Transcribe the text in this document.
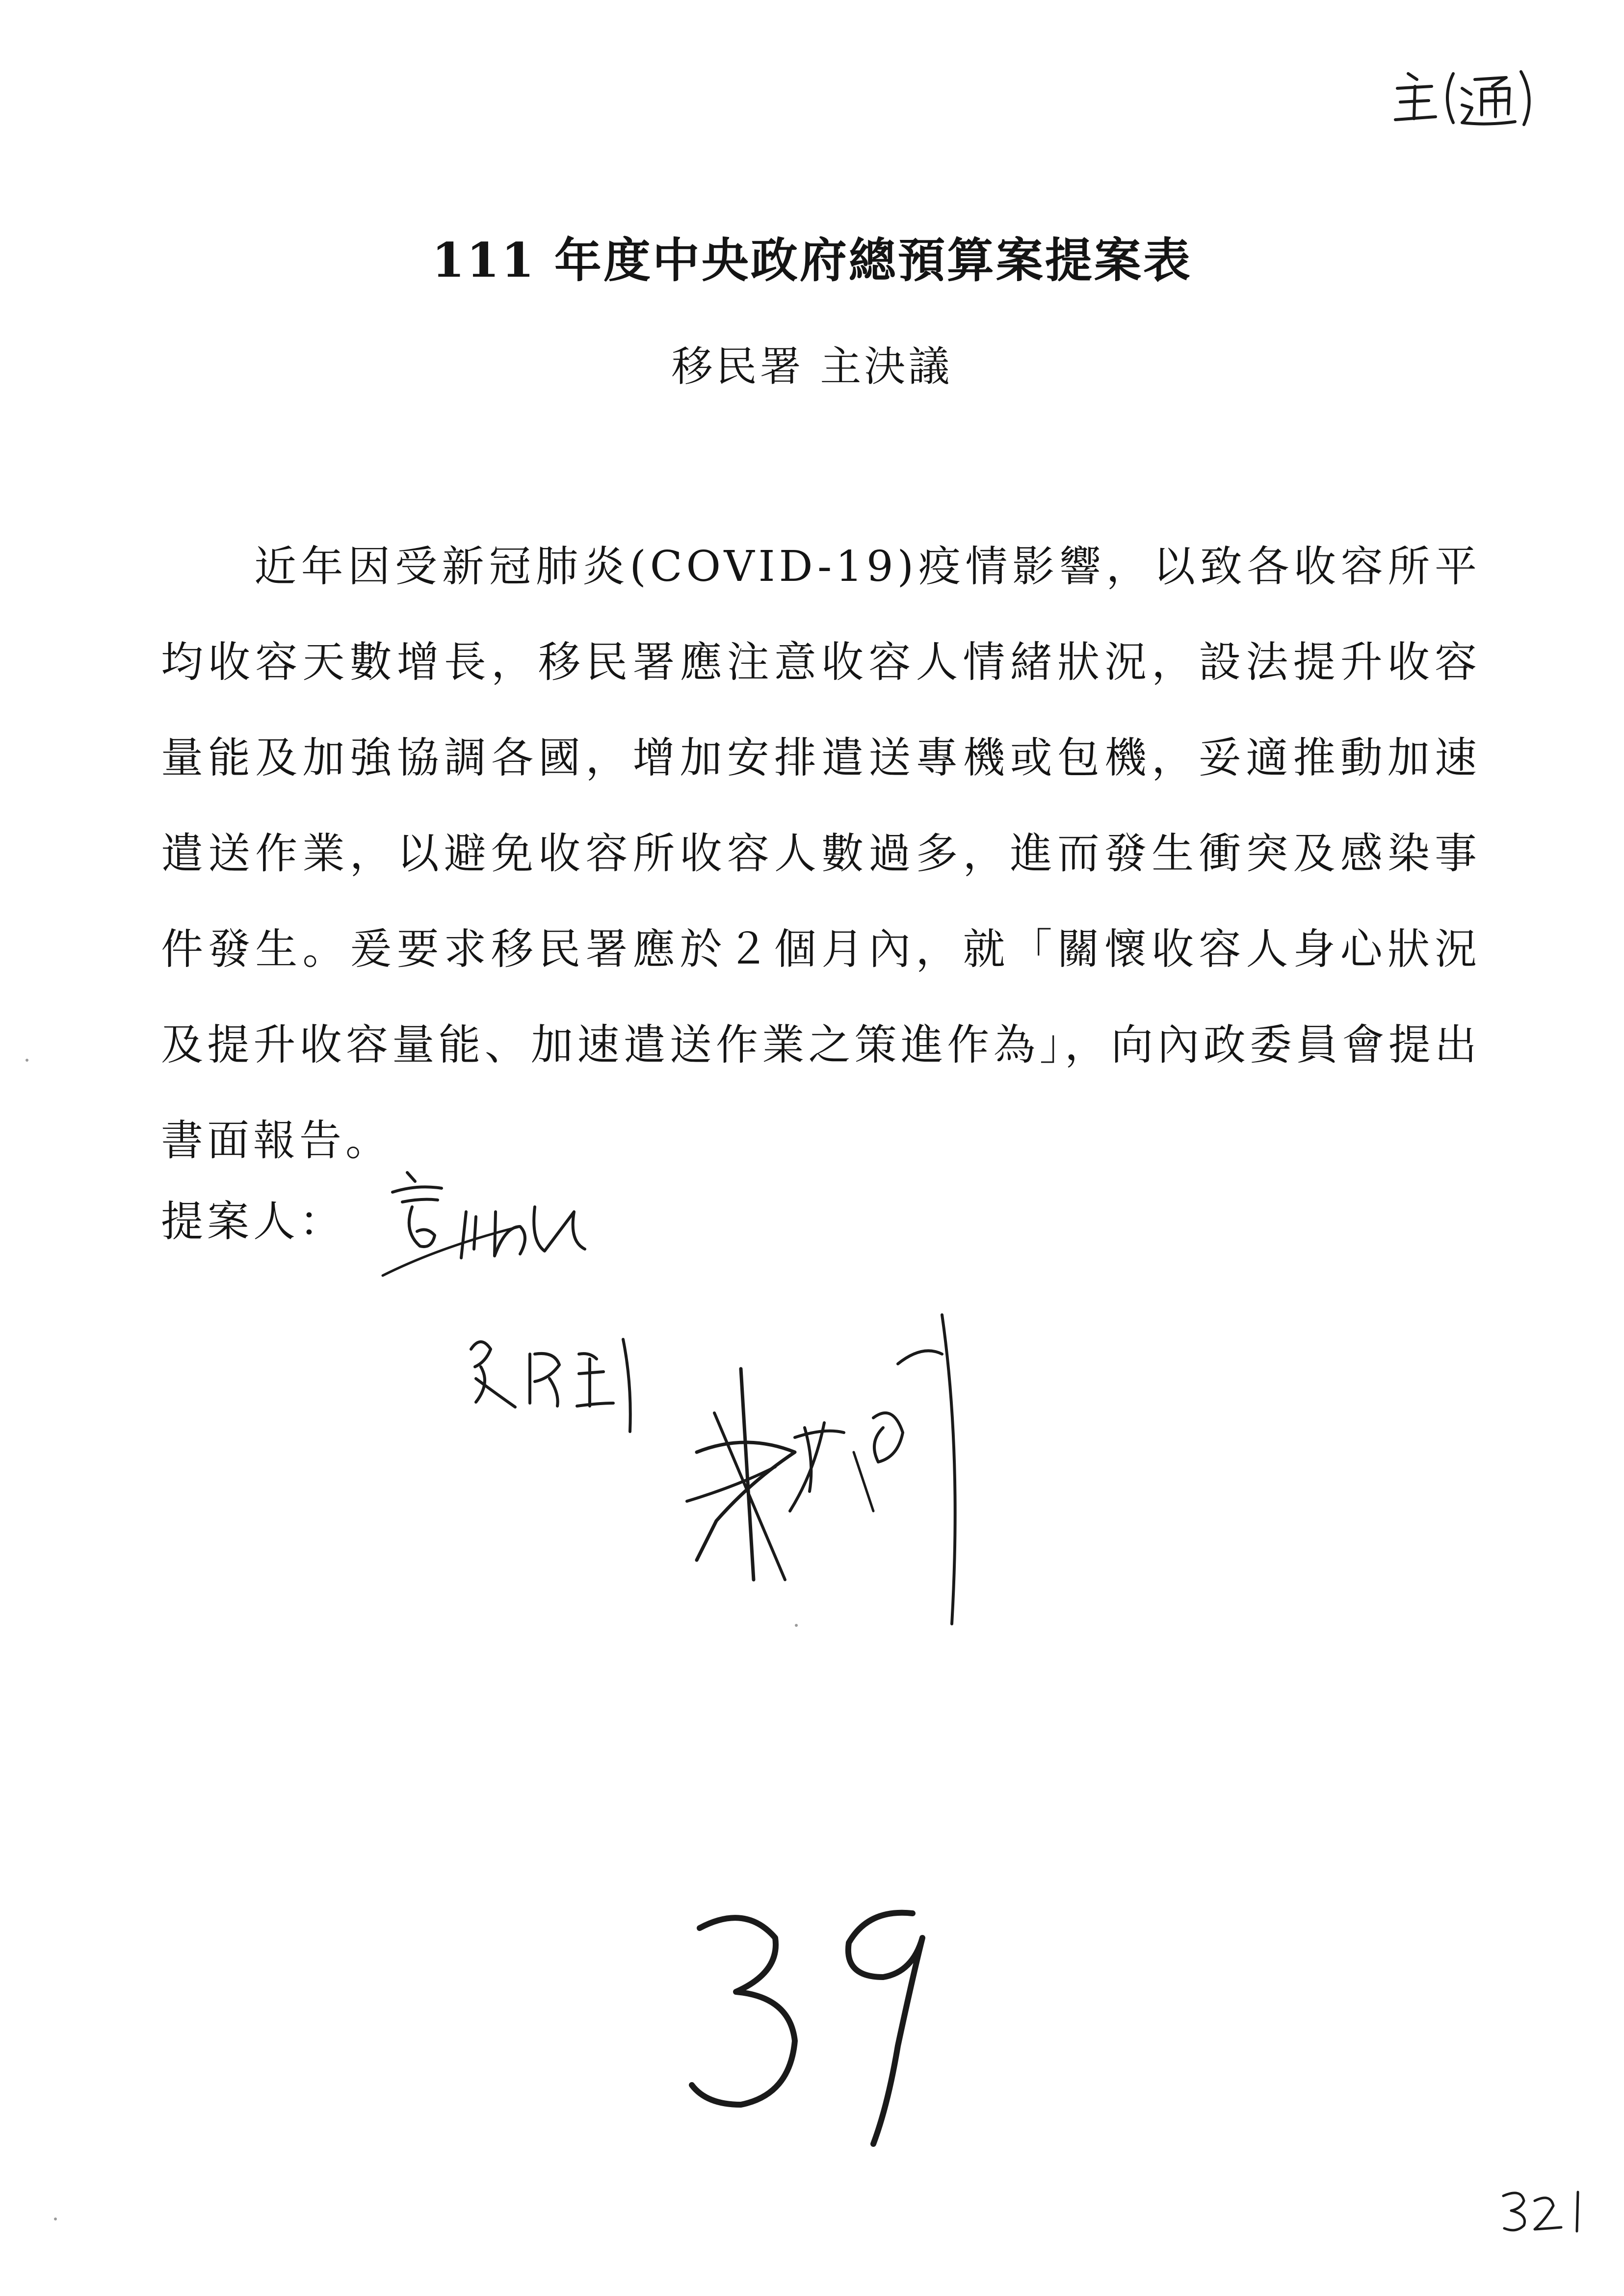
111 年度中央政府總預算案提案表
移民署 主決議
近年因受新冠肺炎(COVID-19)疫情影響，以致各收容所平均收容天數增長，移民署應注意收容人情緒狀況，設法提升收容量能及加強協調各國，增加安排遣送專機或包機，妥適推動加速遣送作業，以避免收容所收容人數過多，進而發生衝突及感染事件發生。爰要求移民署應於２個月內，就「關懷收容人身心狀況及提升收容量能、加速遣送作業之策進作為」，向內政委員會提出書面報告。
提案人：
